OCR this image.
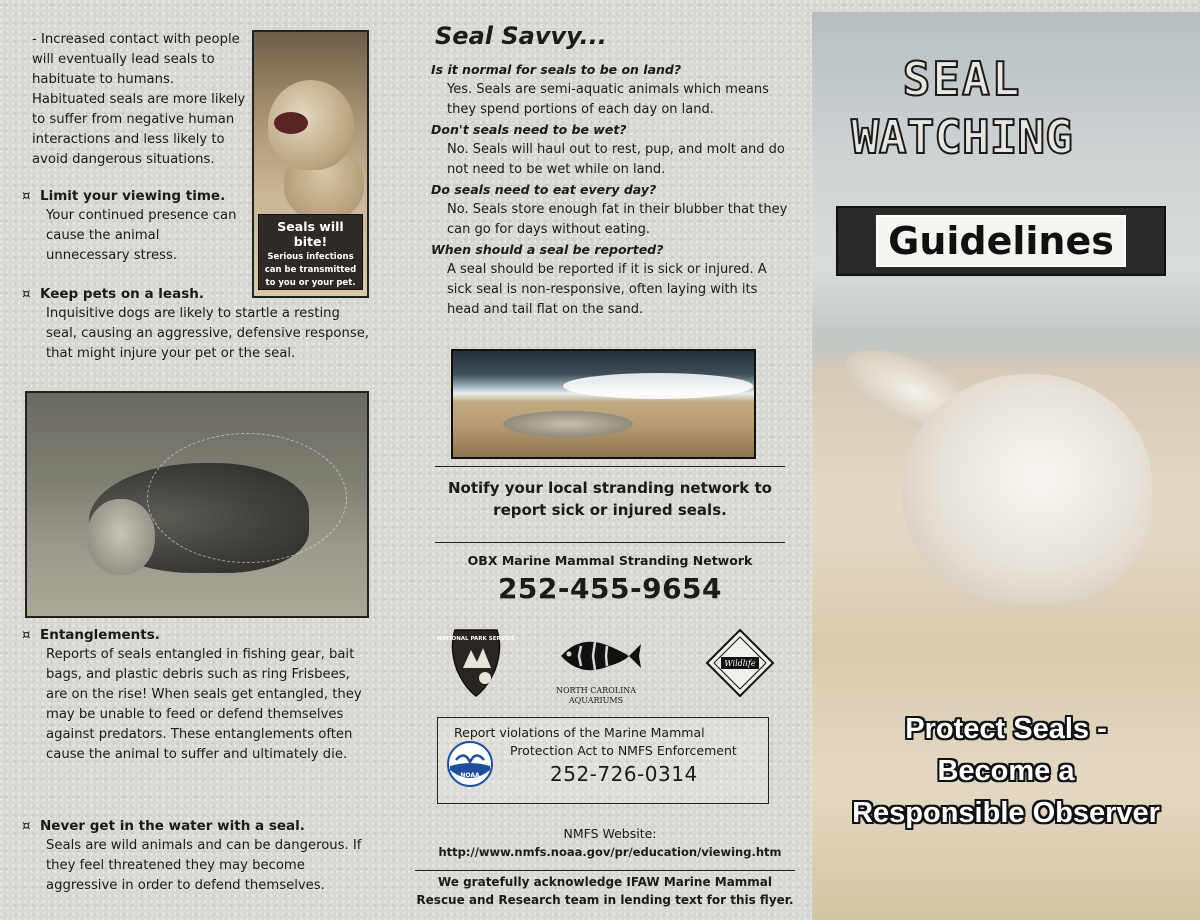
- Increased contact with people will eventually lead seals to habituate to humans. Habituated seals are more likely to suffer from negative human interactions and less likely to avoid dangerous situations.

Seals will bite!
Serious infections can be transmitted to you or your pet.
¤ Limit your viewing time.

Your continued presence can cause the animal unnecessary stress.

¤ Keep pets on a leash.

Inquisitive dogs are likely to startle a resting seal, causing an aggressive, defensive response, that might injure your pet or the seal.

¤ Entanglements.

Reports of seals entangled in fishing gear, bait bags, and plastic debris such as ring Frisbees, are on the rise! When seals get entangled, they may be unable to feed or defend themselves against predators. These entanglements often cause the animal to suffer and ultimately die.

¤ Never get in the water with a seal.

Seals are wild animals and can be dangerous. If they feel threatened they may become aggressive in order to defend themselves.

Seal Savvy...

Is it normal for seals to be on land?

Yes. Seals are semi-aquatic animals which means they spend portions of each day on land.

Don't seals need to be wet?

No. Seals will haul out to rest, pup, and molt and do not need to be wet while on land.

Do seals need to eat every day?

No. Seals store enough fat in their blubber that they can go for days without eating.

When should a seal be reported?

A seal should be reported if it is sick or injured. A sick seal is non-responsive, often laying with its head and tail flat on the sand.

Notify your local stranding network to report sick or injured seals.

OBX Marine Mammal Stranding Network
252-455-9654
NATIONAL PARK SERVICE
NORTH CAROLINA AQUARIUMS
Wildlife
NOAA
Report violations of the Marine Mammal
Protection Act to NMFS Enforcement
252-726-0314
NMFS Website:
http://www.nmfs.noaa.gov/pr/education/viewing.htm

We gratefully acknowledge IFAW Marine Mammal Rescue and Research team in lending text for this flyer.

SEAL
WATCHING
Guidelines
Protect Seals -
Become a
Responsible Observer
